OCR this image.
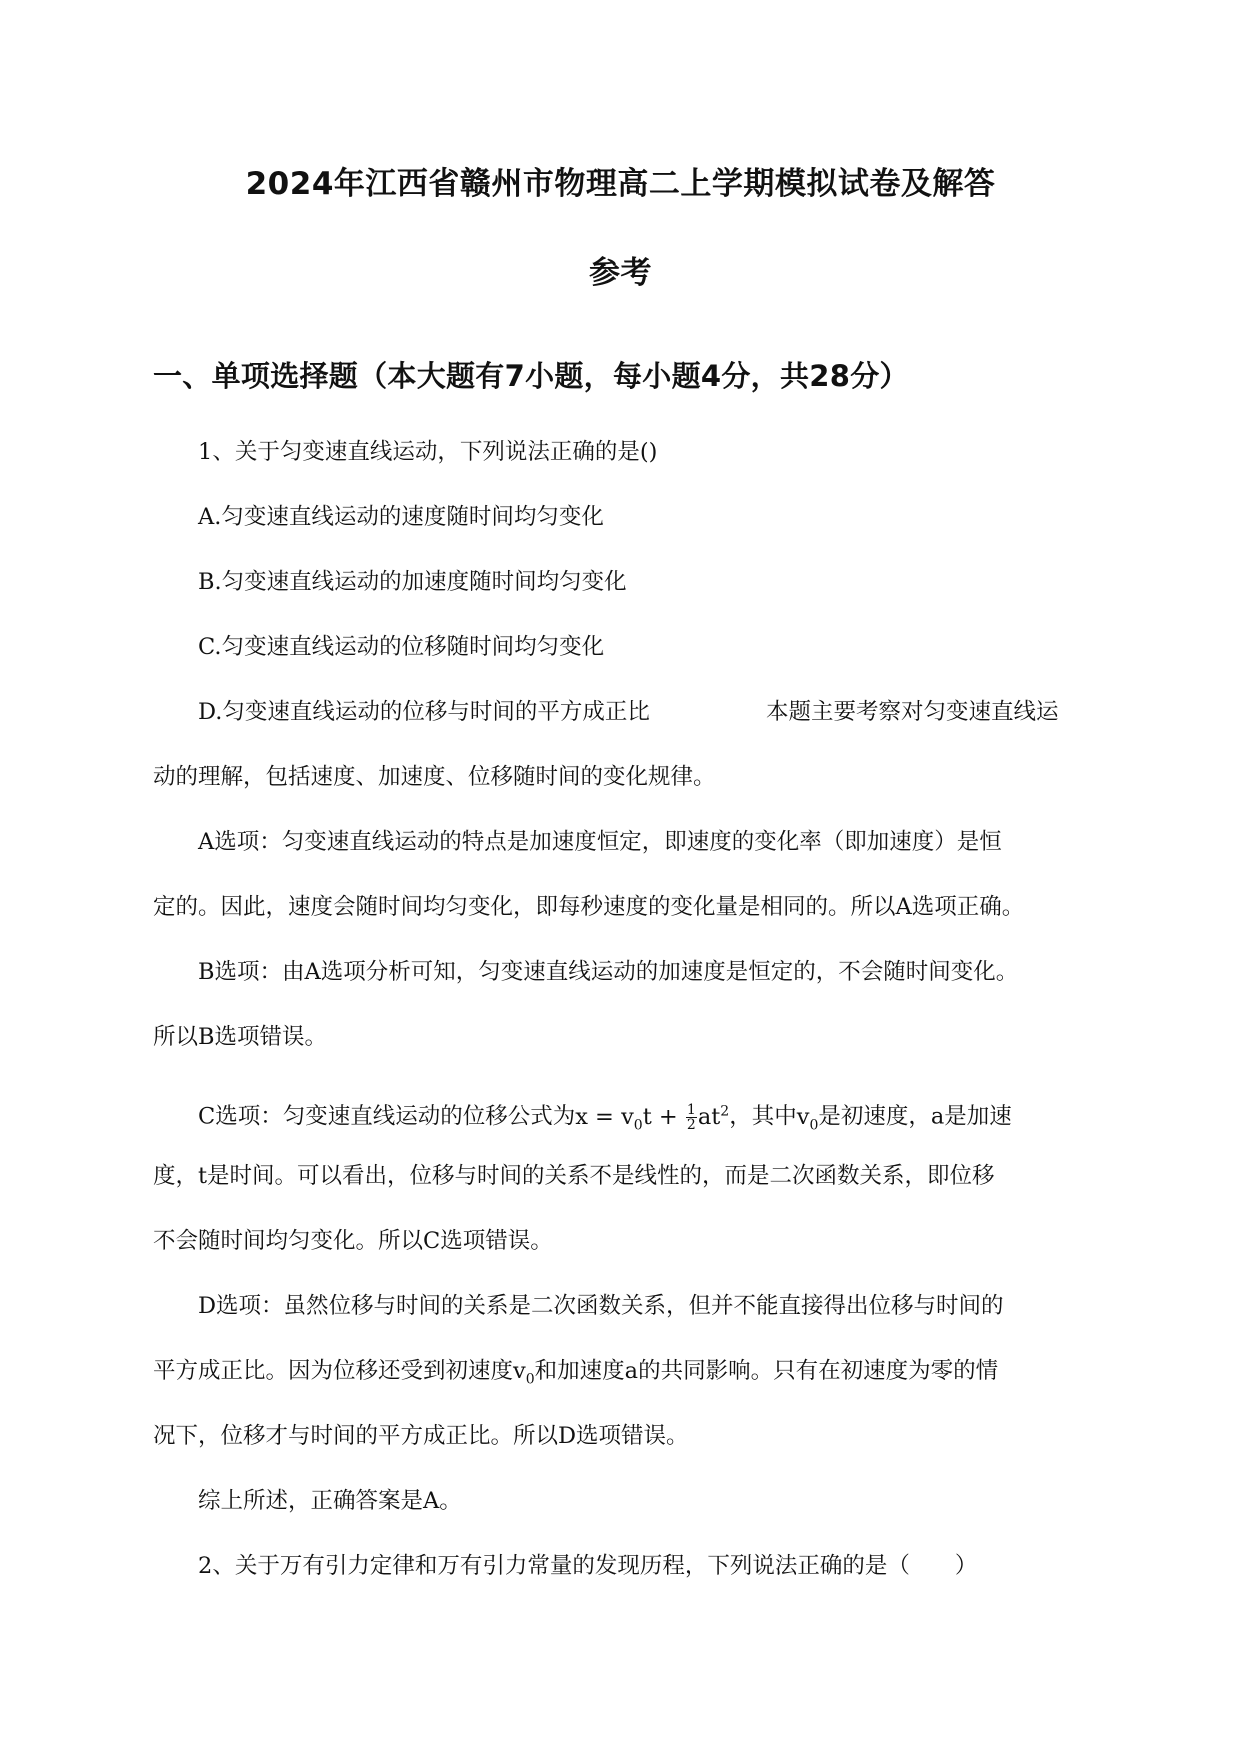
2024年江西省赣州市物理高二上学期模拟试卷及解答
参考
一、单项选择题（本大题有7小题，每小题4分，共28分）
1、关于匀变速直线运动，下列说法正确的是()
A.匀变速直线运动的速度随时间均匀变化
B.匀变速直线运动的加速度随时间均匀变化
C.匀变速直线运动的位移随时间均匀变化
D.匀变速直线运动的位移与时间的平方成正比	本题主要考察对匀变速直线运
动的理解，包括速度、加速度、位移随时间的变化规律。
A选项：匀变速直线运动的特点是加速度恒定，即速度的变化率（即加速度）是恒
定的。因此，速度会随时间均匀变化，即每秒速度的变化量是相同的。所以A选项正确。
B选项：由A选项分析可知，匀变速直线运动的加速度是恒定的，不会随时间变化。
所以B选项错误。
C选项：匀变速直线运动的位移公式为$x = v_0t + \frac{1}{2} at^2$，其中$v_0$是初速度，a是加速
度，t是时间。可以看出，位移与时间的关系不是线性的，而是二次函数关系，即位移
不会随时间均匀变化。所以C选项错误。
D选项：虽然位移与时间的关系是二次函数关系，但并不能直接得出位移与时间的
平方成正比。因为位移还受到初速度$v_0$和加速度a的共同影响。只有在初速度为零的情
况下，位移才与时间的平方成正比。所以D选项错误。
综上所述，正确答案是A。
2、关于万有引力定律和万有引力常量的发现历程，下列说法正确的是（　　）
